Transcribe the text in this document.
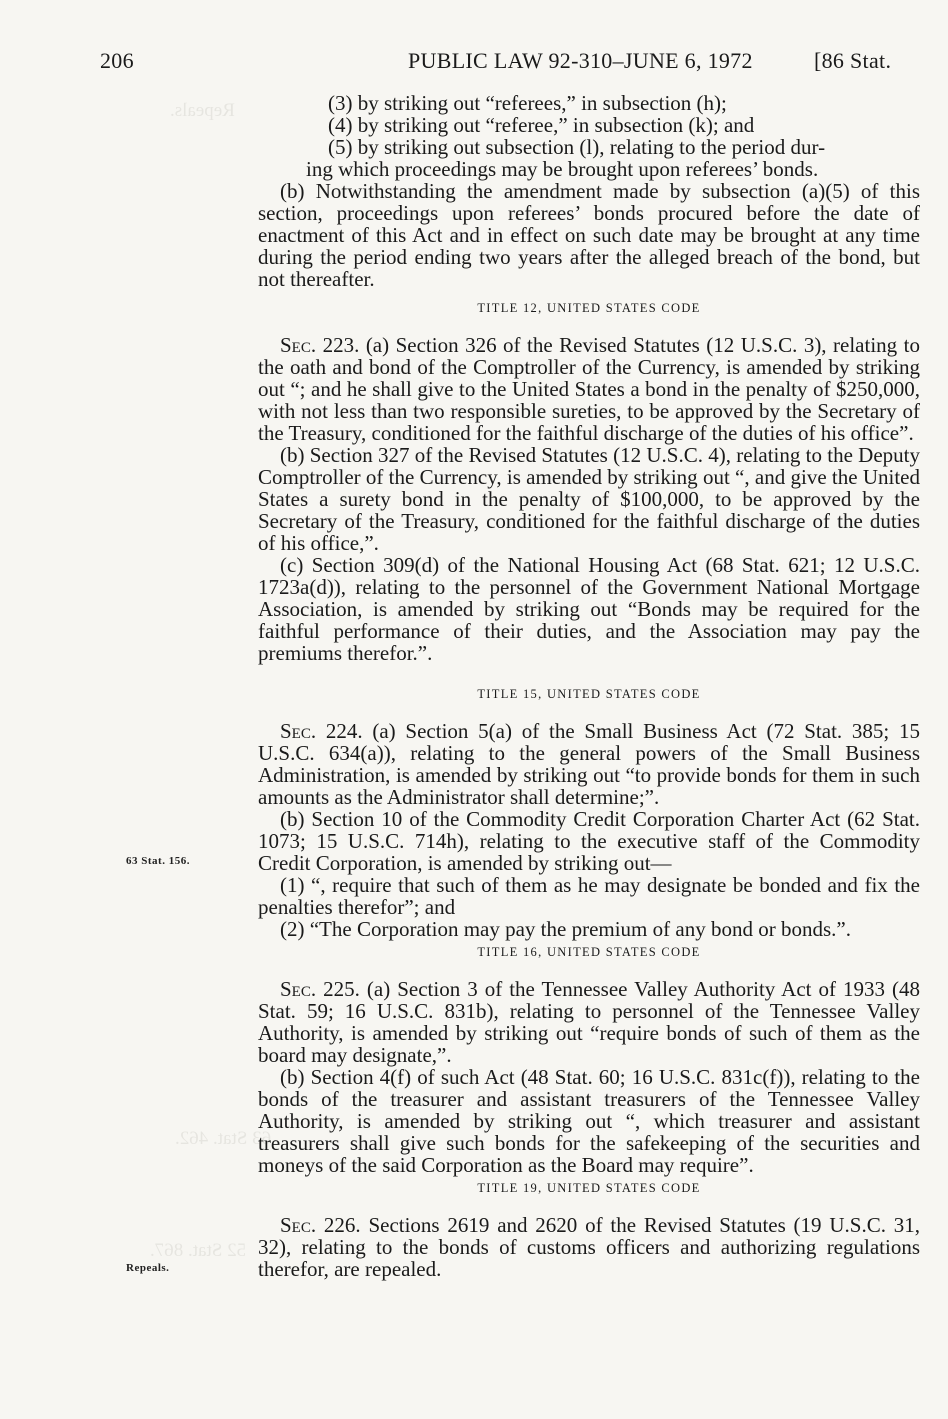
Repeals.
63 Stat. 462.
52 Stat. 867.
206	PUBLIC LAW 92-310–JUNE 6, 1972	[86 Stat.
63 Stat. 156.
Repeals.

(3) by striking out “referees,” in subsection (h);

(4) by striking out “referee,” in subsection (k); and

(5) by striking out subsection (l), relating to the period dur-

ing which proceedings may be brought upon referees’ bonds.

(b) Notwithstanding the amendment made by subsection (a)(5) of this section, proceedings upon referees’ bonds procured before the date of enactment of this Act and in effect on such date may be brought at any time during the period ending two years after the alleged breach of the bond, but not thereafter.

TITLE 12, UNITED STATES CODE

Sec. 223. (a) Section 326 of the Revised Statutes (12 U.S.C. 3), relating to the oath and bond of the Comptroller of the Currency, is amended by striking out “; and he shall give to the United States a bond in the penalty of $250,000, with not less than two responsible sureties, to be approved by the Secretary of the Treasury, conditioned for the faithful discharge of the duties of his office”.

(b) Section 327 of the Revised Statutes (12 U.S.C. 4), relating to the Deputy Comptroller of the Currency, is amended by striking out “, and give the United States a surety bond in the penalty of $100,000, to be approved by the Secretary of the Treasury, conditioned for the faithful discharge of the duties of his office,”.

(c) Section 309(d) of the National Housing Act (68 Stat. 621; 12 U.S.C. 1723a(d)), relating to the personnel of the Government National Mortgage Association, is amended by striking out “Bonds may be required for the faithful performance of their duties, and the Association may pay the premiums therefor.”.

TITLE 15, UNITED STATES CODE

Sec. 224. (a) Section 5(a) of the Small Business Act (72 Stat. 385; 15 U.S.C. 634(a)), relating to the general powers of the Small Business Administration, is amended by striking out “to provide bonds for them in such amounts as the Administrator shall determine;”.

(b) Section 10 of the Commodity Credit Corporation Charter Act (62 Stat. 1073; 15 U.S.C. 714h), relating to the executive staff of the Commodity Credit Corporation, is amended by striking out—

(1) “, require that such of them as he may designate be bonded and fix the penalties therefor”; and

(2) “The Corporation may pay the premium of any bond or bonds.”.

TITLE 16, UNITED STATES CODE

Sec. 225. (a) Section 3 of the Tennessee Valley Authority Act of 1933 (48 Stat. 59; 16 U.S.C. 831b), relating to personnel of the Tennessee Valley Authority, is amended by striking out “require bonds of such of them as the board may designate,”.

(b) Section 4(f) of such Act (48 Stat. 60; 16 U.S.C. 831c(f)), relating to the bonds of the treasurer and assistant treasurers of the Tennessee Valley Authority, is amended by striking out “, which treasurer and assistant treasurers shall give such bonds for the safekeeping of the securities and moneys of the said Corporation as the Board may require”.

TITLE 19, UNITED STATES CODE

Sec. 226. Sections 2619 and 2620 of the Revised Statutes (19 U.S.C. 31, 32), relating to the bonds of customs officers and authorizing regulations therefor, are repealed.
